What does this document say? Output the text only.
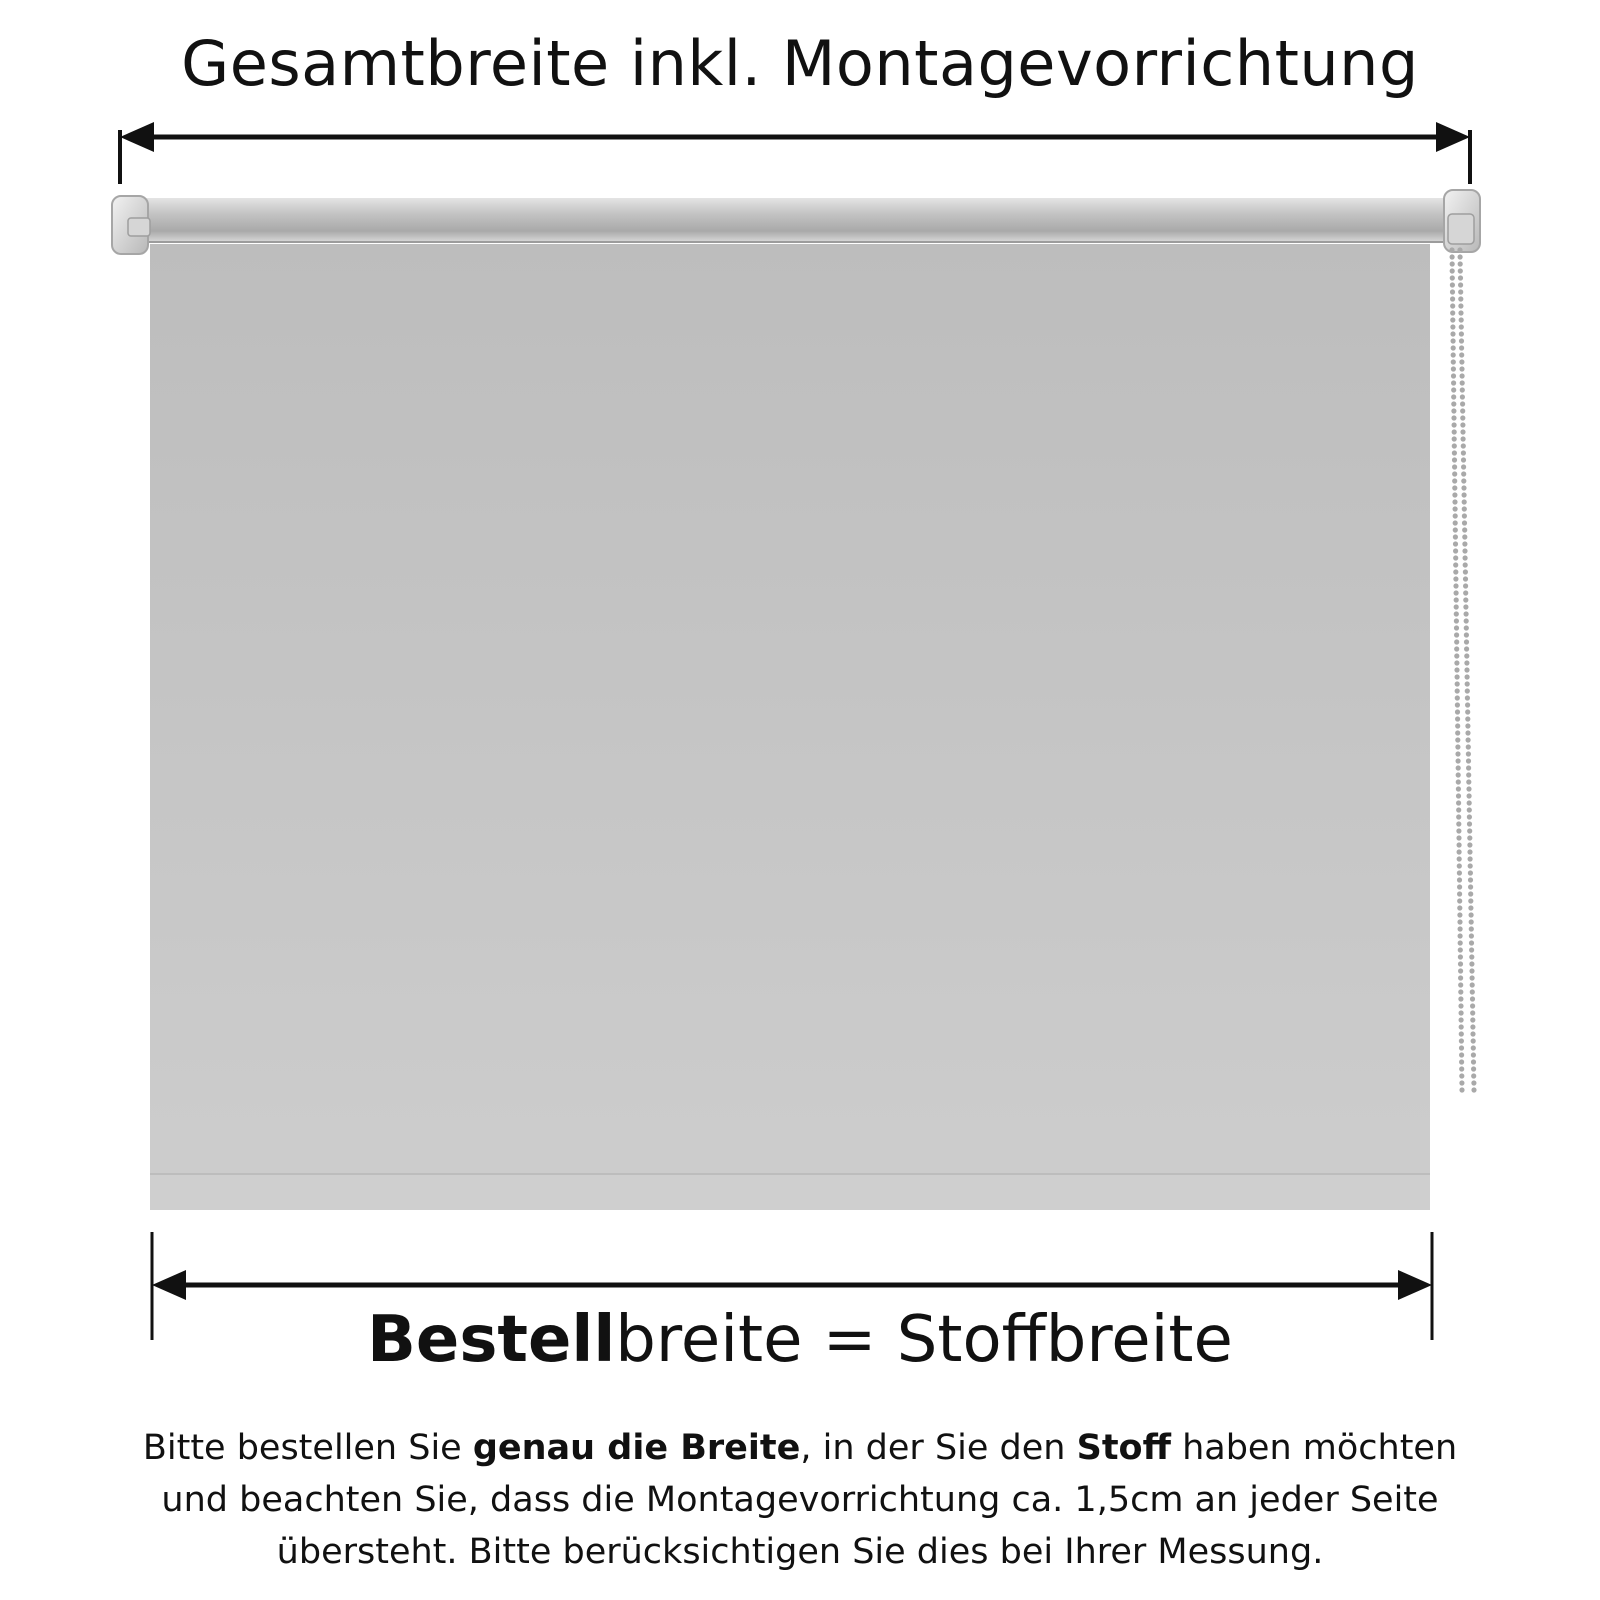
Gesamtbreite inkl. Montagevorrichtung
Bestellbreite = Stoffbreite
Bitte bestellen Sie genau die Breite, in der Sie den Stoff haben möchten
und beachten Sie, dass die Montagevorrichtung ca. 1,5cm an jeder Seite
übersteht. Bitte berücksichtigen Sie dies bei Ihrer Messung.
